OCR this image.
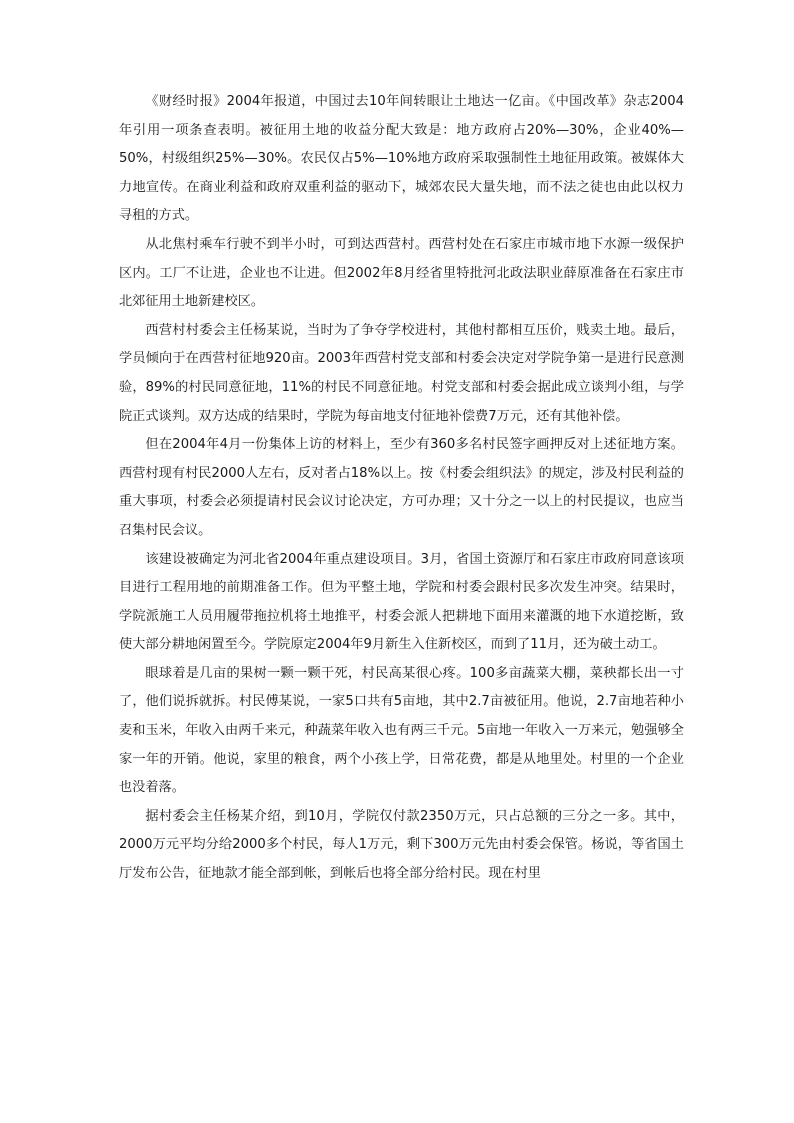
《财经时报》2004年报道，中国过去10年间转眼让土地达一亿亩。《中国改革》杂志2004年引用一项条查表明。被征用土地的收益分配大致是：地方政府占20%—30%，企业40%—50%，村级组织25%—30%。农民仅占5%—10%地方政府采取强制性土地征用政策。被媒体大力地宣传。在商业利益和政府双重利益的驱动下，城郊农民大量失地，而不法之徒也由此以权力寻租的方式。

从北焦村乘车行驶不到半小时，可到达西营村。西营村处在石家庄市城市地下水源一级保护区内。工厂不让进，企业也不让进。但2002年8月经省里特批河北政法职业薛原准备在石家庄市北郊征用土地新建校区。

西营村村委会主任杨某说，当时为了争夺学校进村，其他村都相互压价，贱卖土地。最后，学员倾向于在西营村征地920亩。2003年西营村党支部和村委会决定对学院争第一是进行民意测验，89%的村民同意征地，11%的村民不同意征地。村党支部和村委会据此成立谈判小组，与学院正式谈判。双方达成的结果时，学院为每亩地支付征地补偿费7万元，还有其他补偿。

但在2004年4月一份集体上访的材料上，至少有360多名村民签字画押反对上述征地方案。西营村现有村民2000人左右，反对者占18%以上。按《村委会组织法》的规定，涉及村民利益的重大事项，村委会必须提请村民会议讨论决定，方可办理；又十分之一以上的村民提议，也应当召集村民会议。

该建设被确定为河北省2004年重点建设项目。3月，省国土资源厅和石家庄市政府同意该项目进行工程用地的前期准备工作。但为平整土地，学院和村委会跟村民多次发生冲突。结果时，学院派施工人员用履带拖拉机将土地推平，村委会派人把耕地下面用来灌溉的地下水道挖断，致使大部分耕地闲置至今。学院原定2004年9月新生入住新校区，而到了11月，还为破土动工。

眼球着是几亩的果树一颗一颗干死，村民高某很心疼。100多亩蔬菜大棚，菜秧都长出一寸了，他们说拆就拆。村民傅某说，一家5口共有5亩地，其中2.7亩被征用。他说，2.7亩地若种小麦和玉米，年收入由两千来元，种蔬菜年收入也有两三千元。5亩地一年收入一万来元，勉强够全家一年的开销。他说，家里的粮食，两个小孩上学，日常花费，都是从地里处。村里的一个企业也没着落。

据村委会主任杨某介绍，到10月，学院仅付款2350万元，只占总额的三分之一多。其中，2000万元平均分给2000多个村民，每人1万元，剩下300万元先由村委会保管。杨说，等省国土厅发布公告，征地款才能全部到帐，到帐后也将全部分给村民。现在村里
